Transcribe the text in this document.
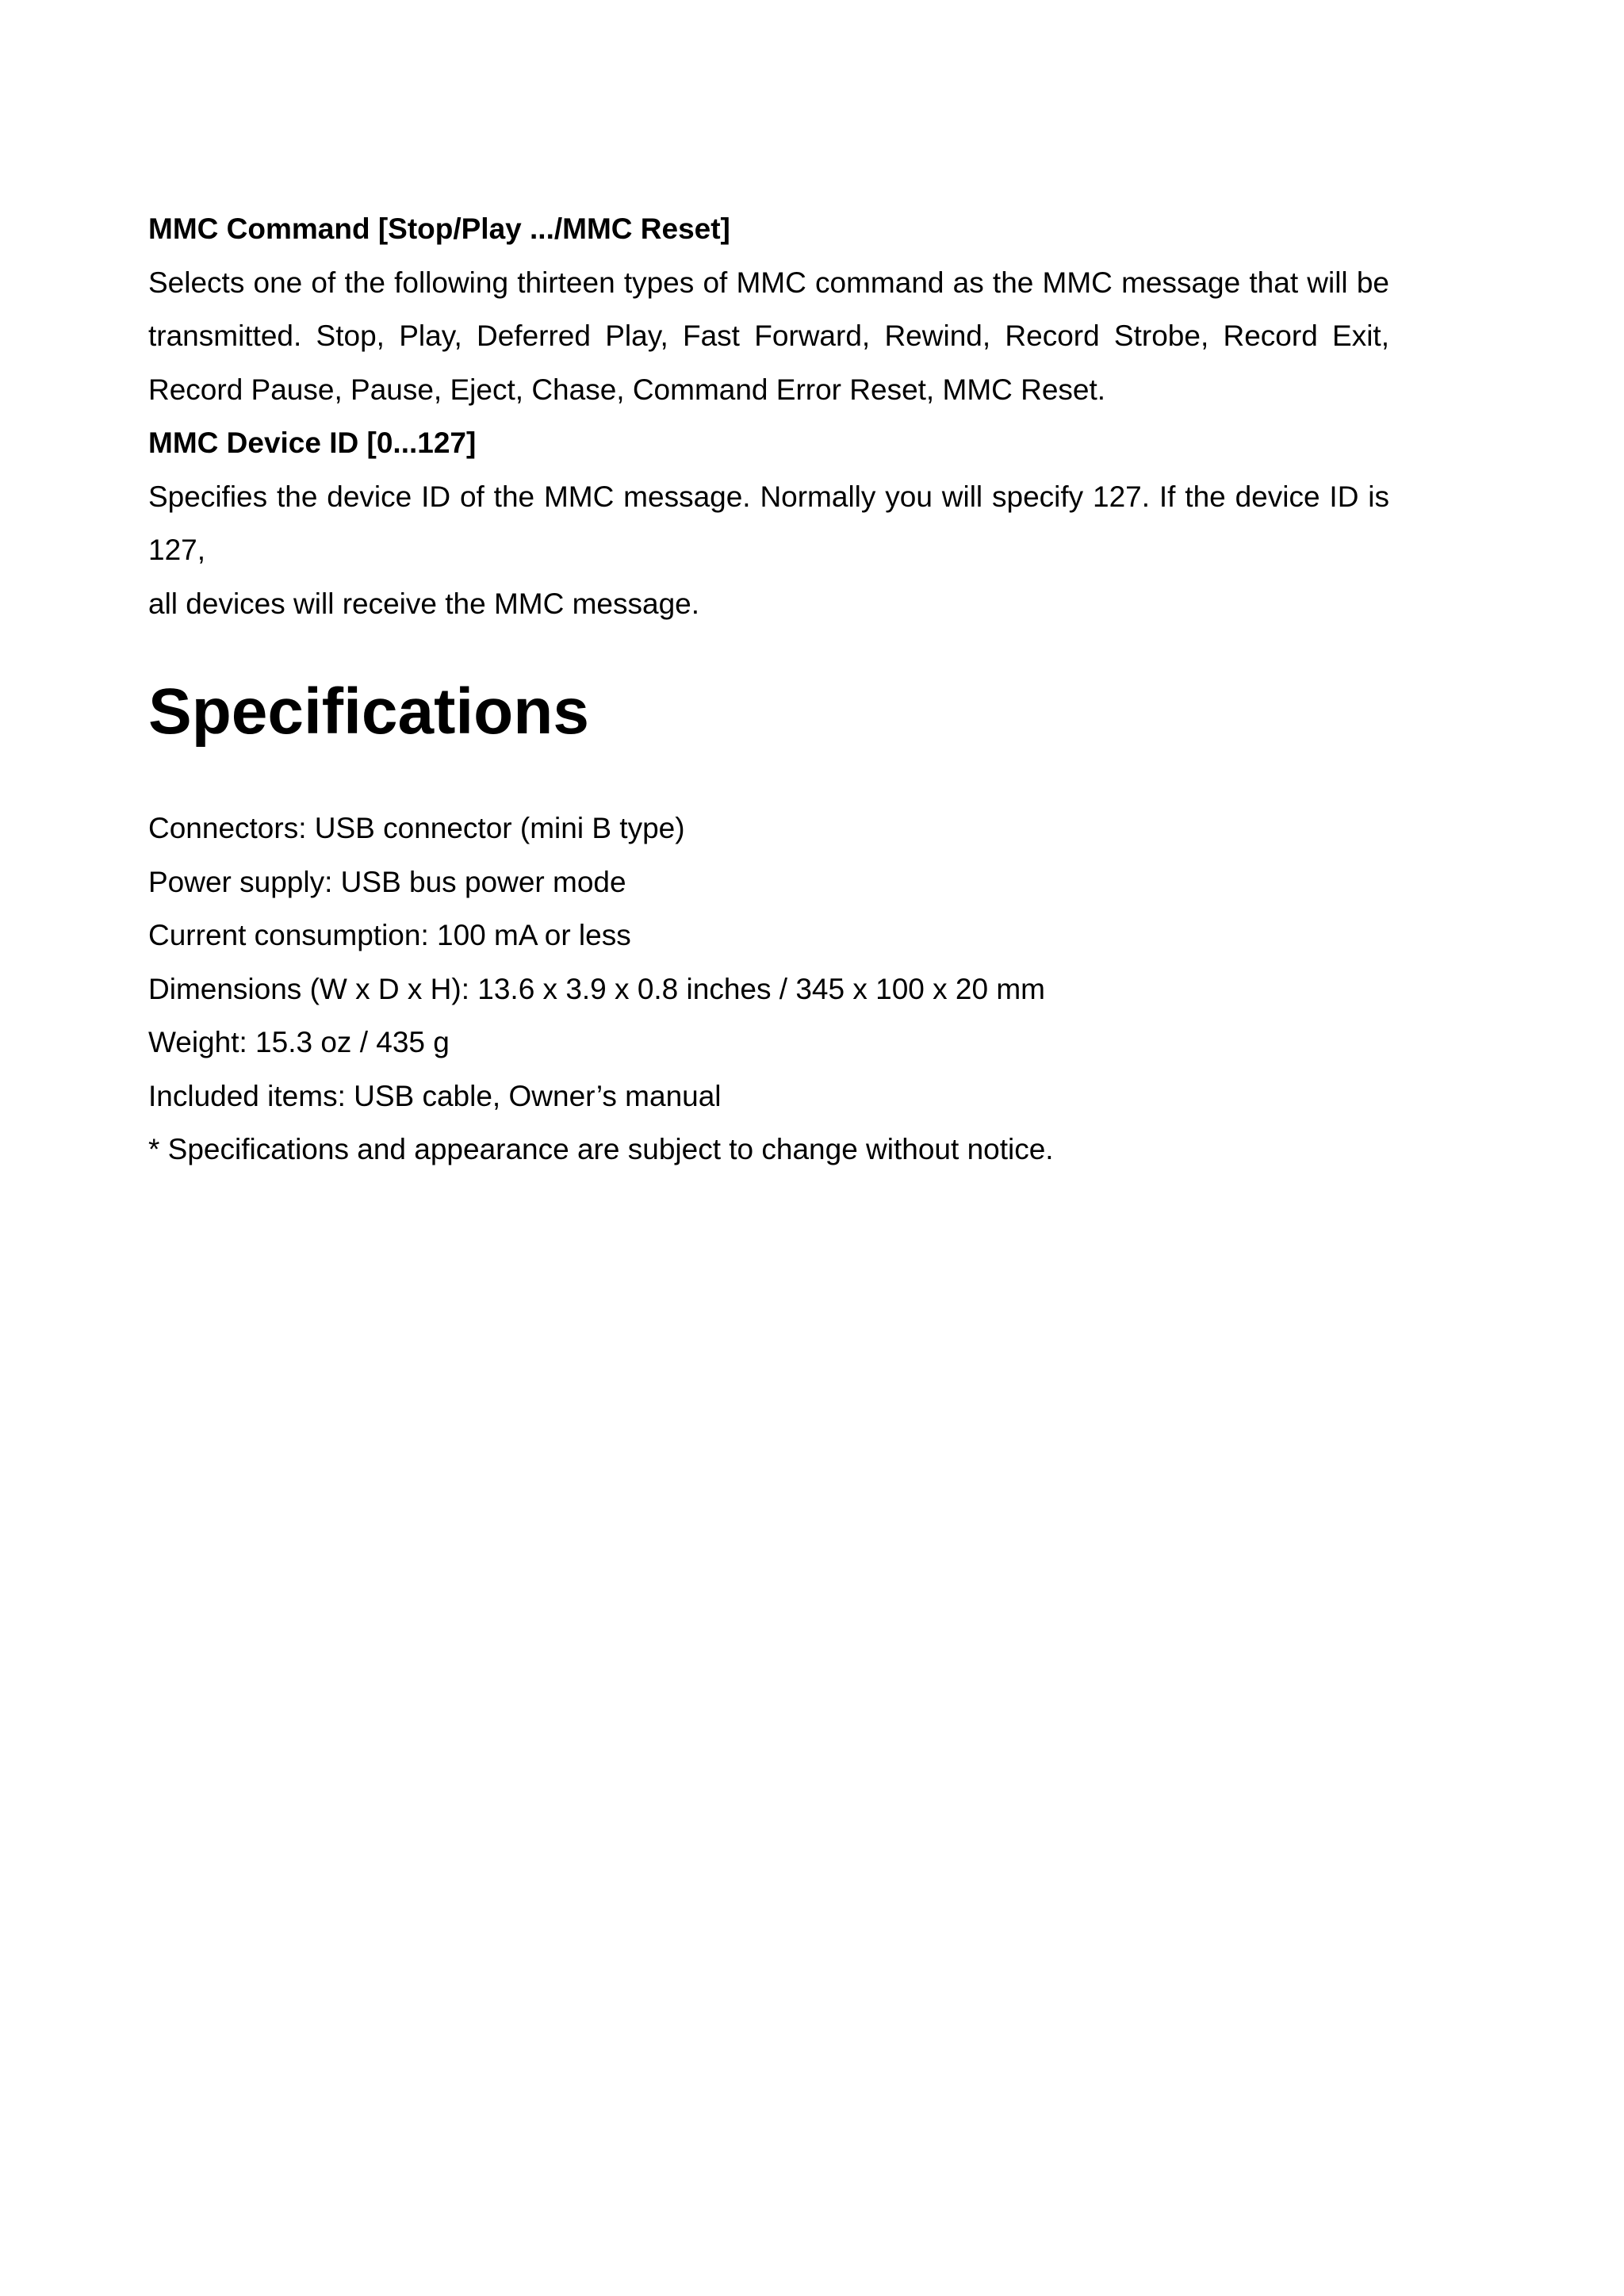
MMC Command [Stop/Play .../MMC Reset]

Selects one of the following thirteen types of MMC command as the MMC message that will be

transmitted. Stop, Play, Deferred Play, Fast Forward, Rewind, Record Strobe, Record Exit,

Record Pause, Pause, Eject, Chase, Command Error Reset, MMC Reset.

MMC Device ID [0...127]

Specifies the device ID of the MMC message. Normally you will specify 127. If the device ID is 127,

all devices will receive the MMC message.

Specifications
Connectors: USB connector (mini B type)
Power supply: USB bus power mode
Current consumption: 100 mA or less
Dimensions (W x D x H): 13.6 x 3.9 x 0.8 inches / 345 x 100 x 20 mm
Weight: 15.3 oz / 435 g
Included items: USB cable, Owner’s manual
* Specifications and appearance are subject to change without notice.
